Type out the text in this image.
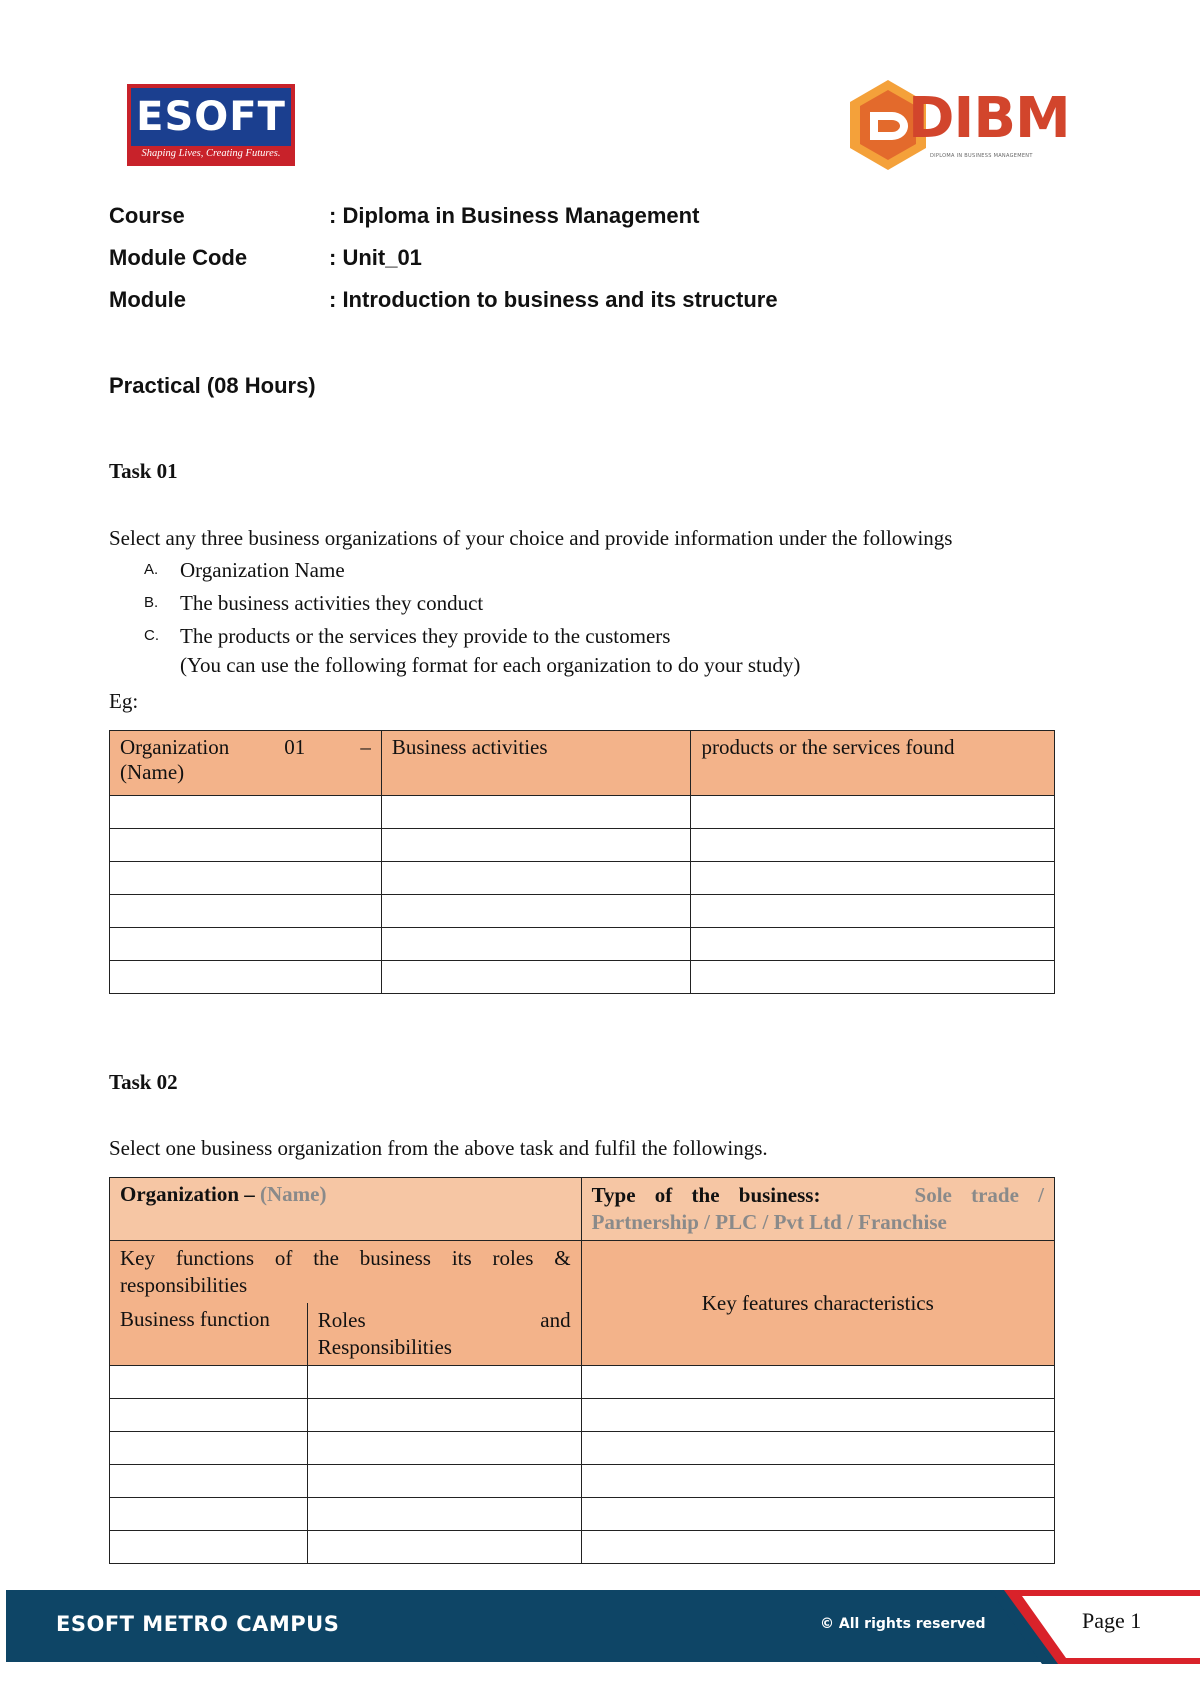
ESOFT
Shaping Lives, Creating Futures.
DIBM
DIPLOMA IN BUSINESS MANAGEMENT
Course	: Diploma in Business Management
Module Code	: Unit_01
Module	: Introduction to business and its structure
Practical (08 Hours)
Task 01
Select any three business organizations of your choice and provide information under the followings
A.	Organization Name
B.	The business activities they conduct
C.	The products or the services they provide to the customers
(You can use the following format for each organization to do your study)
Eg:
Organization 01 –
(Name)	Business activities	products or the services found

Task 02
Select one business organization from the above task and fulfil the followings.
Organization – (Name)		Type of the business: Sole trade /
Partnership / PLC / Pvt Ltd / Franchise

Key functions of the business its roles & responsibilities		Key features characteristics
Business function	Roles and
Responsibilities	

ESOFT METRO CAMPUS	© All rights reserved	Page 1
